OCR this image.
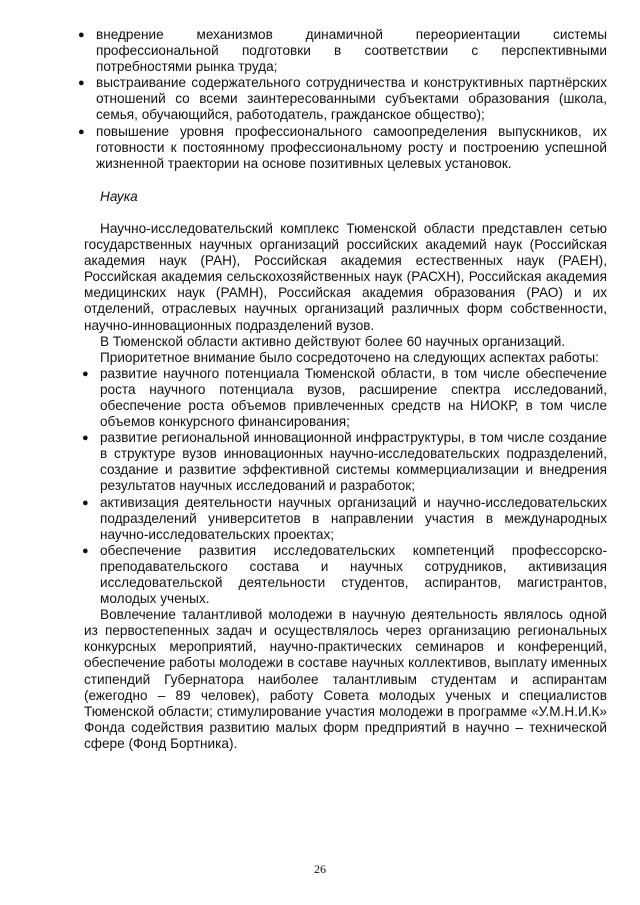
● внедрение механизмов динамичной переориентации системы профессиональной подготовки в соответствии с перспективными потребностями рынка труда;
● выстраивание содержательного сотрудничества и конструктивных партнёрских отношений со всеми заинтересованными субъектами образования (школа, семья, обучающийся, работодатель, гражданское общество);
● повышение уровня профессионального самоопределения выпускников, их готовности к постоянному профессиональному росту и построению успешной жизненной траектории на основе позитивных целевых установок.

Наука

Научно-исследовательский комплекс Тюменской области представлен сетью государственных научных организаций российских академий наук (Российская академия наук (РАН), Российская академия естественных наук (РАЕН), Российская академия сельскохозяйственных наук (РАСХН), Российская академия медицинских наук (РАМН), Российская академия образования (РАО) и их отделений, отраслевых научных организаций различных форм собственности, научно-инновационных подразделений вузов.

В Тюменской области активно действуют более 60 научных организаций.

Приоритетное внимание было сосредоточено на следующих аспектах работы:

● развитие научного потенциала Тюменской области, в том числе обеспечение роста научного потенциала вузов, расширение спектра исследований, обеспечение роста объемов привлеченных средств на НИОКР, в том числе объемов конкурсного финансирования;
● развитие региональной инновационной инфраструктуры, в том числе создание в структуре вузов инновационных научно-исследовательских подразделений, создание и развитие эффективной системы коммерциализации и внедрения результатов научных исследований и разработок;
● активизация деятельности научных организаций и научно-исследовательских подразделений университетов в направлении участия в международных научно-исследовательских проектах;
● обеспечение развития исследовательских компетенций профессорско-преподавательского состава и научных сотрудников, активизация исследовательской деятельности студентов, аспирантов, магистрантов, молодых ученых.

Вовлечение талантливой молодежи в научную деятельность являлось одной из первостепенных задач и осуществлялось через организацию региональных конкурсных мероприятий, научно-практических семинаров и конференций, обеспечение работы молодежи в составе научных коллективов, выплату именных стипендий Губернатора наиболее талантливым студентам и аспирантам (ежегодно – 89 человек), работу Совета молодых ученых и специалистов Тюменской области; стимулирование участия молодежи в программе «У.М.Н.И.К» Фонда содействия развитию малых форм предприятий в научно – технической сфере (Фонд Бортника).

26
